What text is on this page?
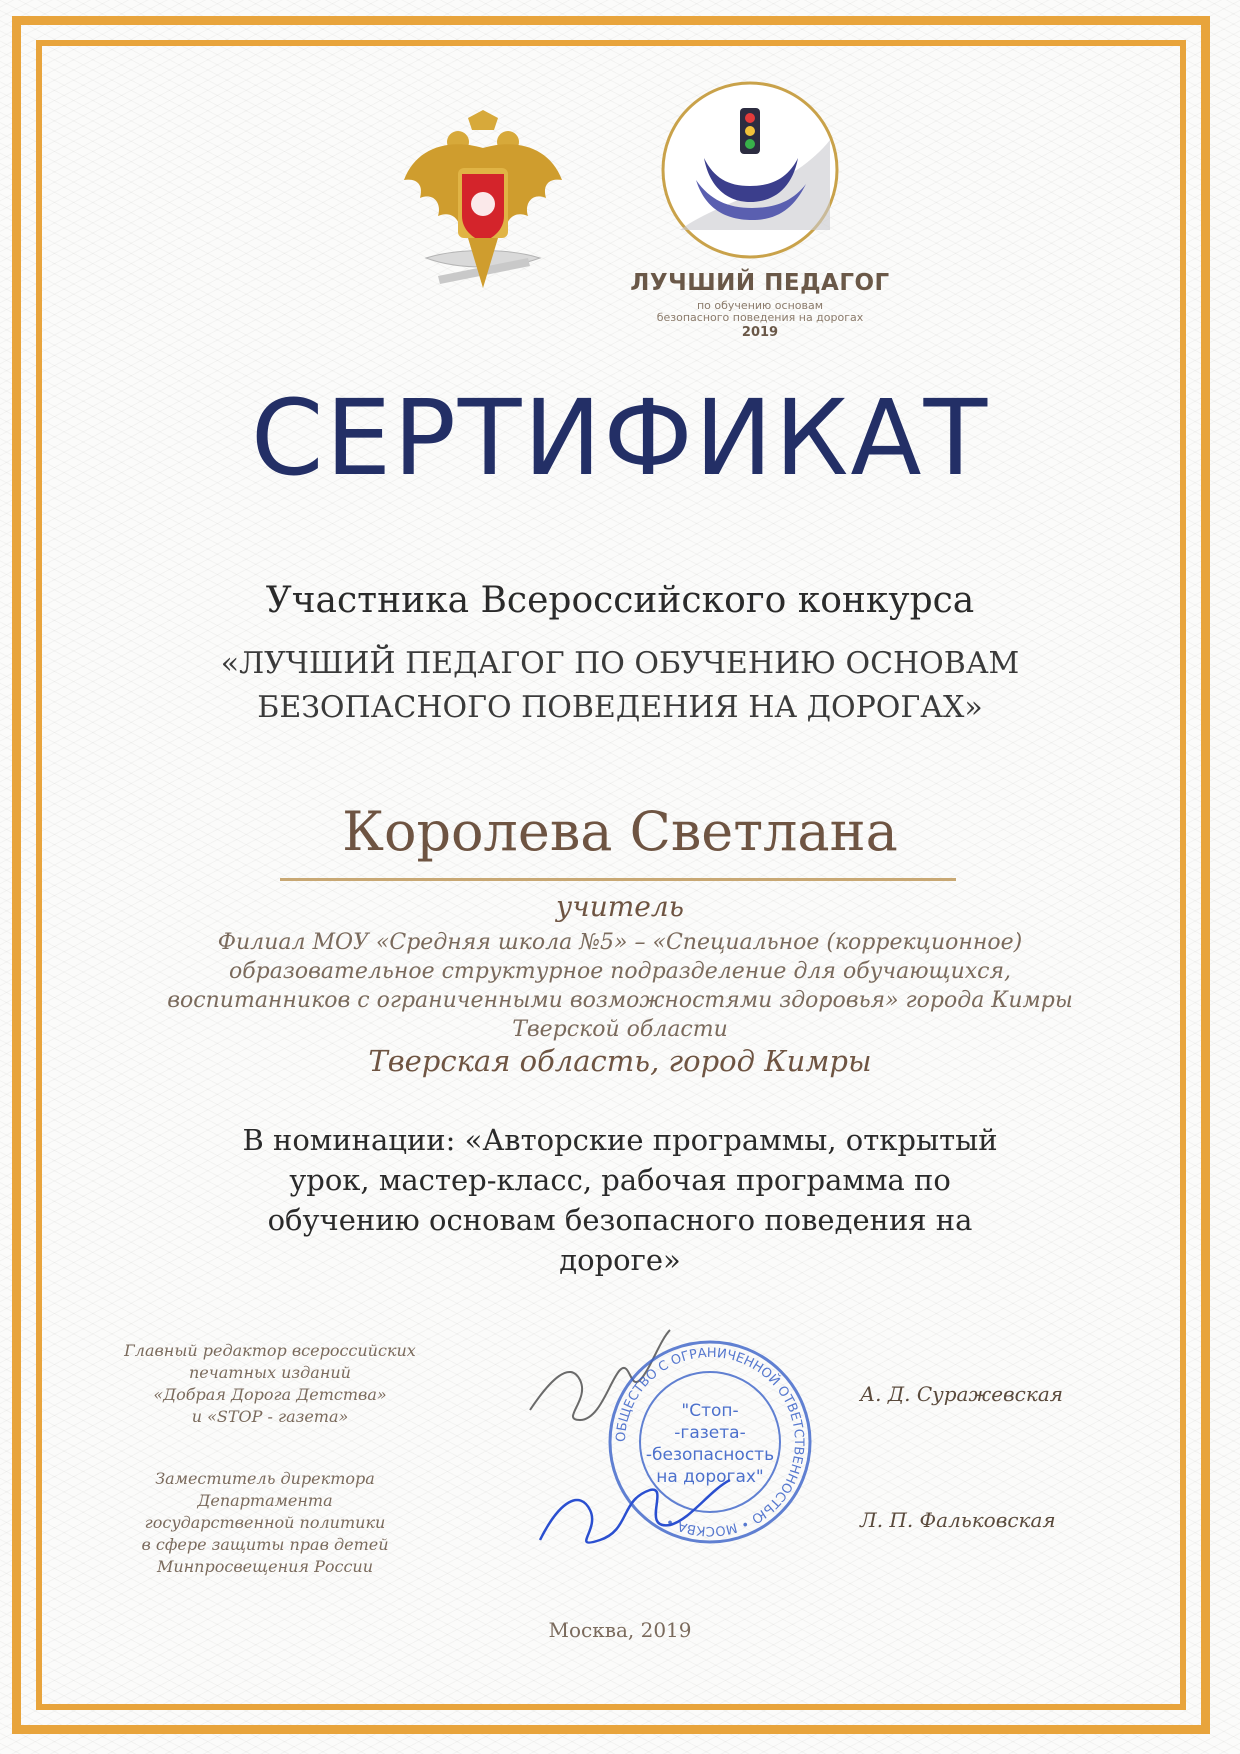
ЛУЧШИЙ ПЕДАГОГ
по обучению основам
безопасного поведения на дорогах
2019
СЕРТИФИКАТ
Участника Всероссийского конкурса
«ЛУЧШИЙ ПЕДАГОГ ПО ОБУЧЕНИЮ ОСНОВАМ
БЕЗОПАСНОГО ПОВЕДЕНИЯ НА ДОРОГАХ»
Королева Светлана
учитель
Филиал МОУ «Средняя школа №5» – «Специальное (коррекционное)
образовательное структурное подразделение для обучающихся,
воспитанников с ограниченными возможностями здоровья» города Кимры
Тверской области
Тверская область, город Кимры
В номинации: «Авторские программы, открытый
урок, мастер-класс, рабочая программа по
обучению основам безопасного поведения на
дороге»
Главный редактор всероссийских
печатных изданий
«Добрая Дорога Детства»
и «STOP - газета»
А. Д. Суражевская
Заместитель директора
Департамента
государственной политики
в сфере защиты прав детей
Минпросвещения России
Л. П. Фальковская
ОБЩЕСТВО С ОГРАНИЧЕННОЙ ОТВЕТСТВЕННОСТЬЮ • МОСКВА •
"Стоп-
-газета-
-безопасность
на дорогах"
Москва, 2019
